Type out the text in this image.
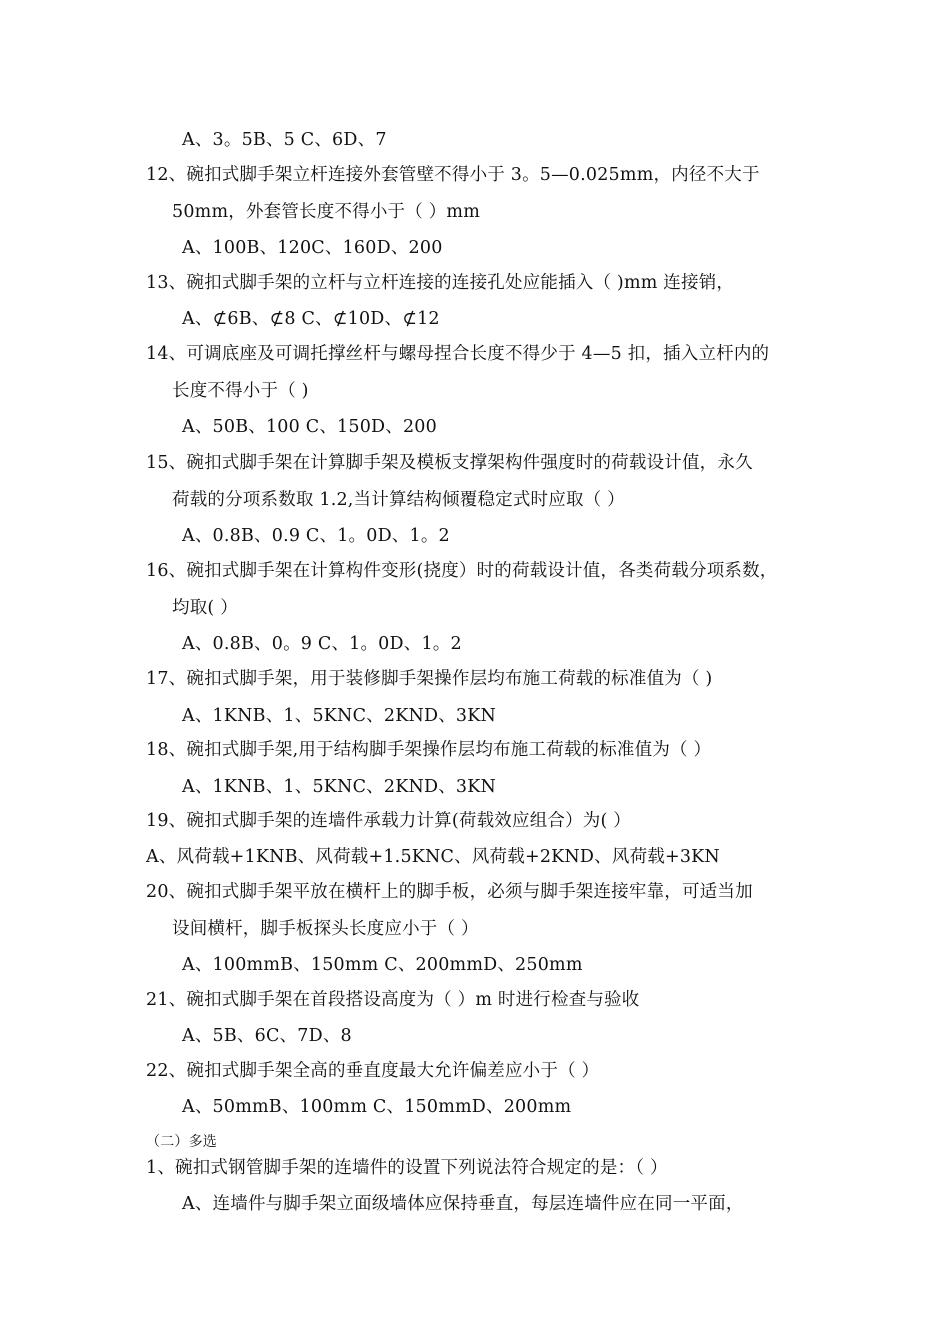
A、3。5B、5 C、6D、7
12、碗扣式脚手架立杆连接外套管壁不得小于 3。5—0.025mm，内径不大于
50mm，外套管长度不得小于（ ）mm
A、100B、120C、160D、200
13、碗扣式脚手架的立杆与立杆连接的连接孔处应能插入（ )mm 连接销，
A、⊄6B、⊄8 C、⊄10D、⊄12
14、可调底座及可调托撑丝杆与螺母捏合长度不得少于 4—5 扣，插入立杆内的
长度不得小于（ )
A、50B、100 C、150D、200
15、碗扣式脚手架在计算脚手架及模板支撑架构件强度时的荷载设计值，永久
荷载的分项系数取 1.2,当计算结构倾覆稳定式时应取（ ）
A、0.8B、0.9 C、1。0D、1。2
16、碗扣式脚手架在计算构件变形(挠度）时的荷载设计值，各类荷载分项系数，
均取( ）
A、0.8B、0。9 C、1。0D、1。2
17、碗扣式脚手架，用于装修脚手架操作层均布施工荷载的标准值为（ )
A、1KNB、1、5KNC、2KND、3KN
18、碗扣式脚手架,用于结构脚手架操作层均布施工荷载的标准值为（ ）
A、1KNB、1、5KNC、2KND、3KN
19、碗扣式脚手架的连墙件承载力计算(荷载效应组合）为( ）
A、风荷载+1KNB、风荷载+1.5KNC、风荷载+2KND、风荷载+3KN
20、碗扣式脚手架平放在横杆上的脚手板，必须与脚手架连接牢靠，可适当加
设间横杆，脚手板探头长度应小于（ ）
A、100mmB、150mm C、200mmD、250mm
21、碗扣式脚手架在首段搭设高度为（ ）m 时进行检查与验收
A、5B、6C、7D、8
22、碗扣式脚手架全高的垂直度最大允许偏差应小于（ ）
A、50mmB、100mm C、150mmD、200mm
（二）多选
1、碗扣式钢管脚手架的连墙件的设置下列说法符合规定的是：（ ）
A、连墙件与脚手架立面级墙体应保持垂直，每层连墙件应在同一平面，
